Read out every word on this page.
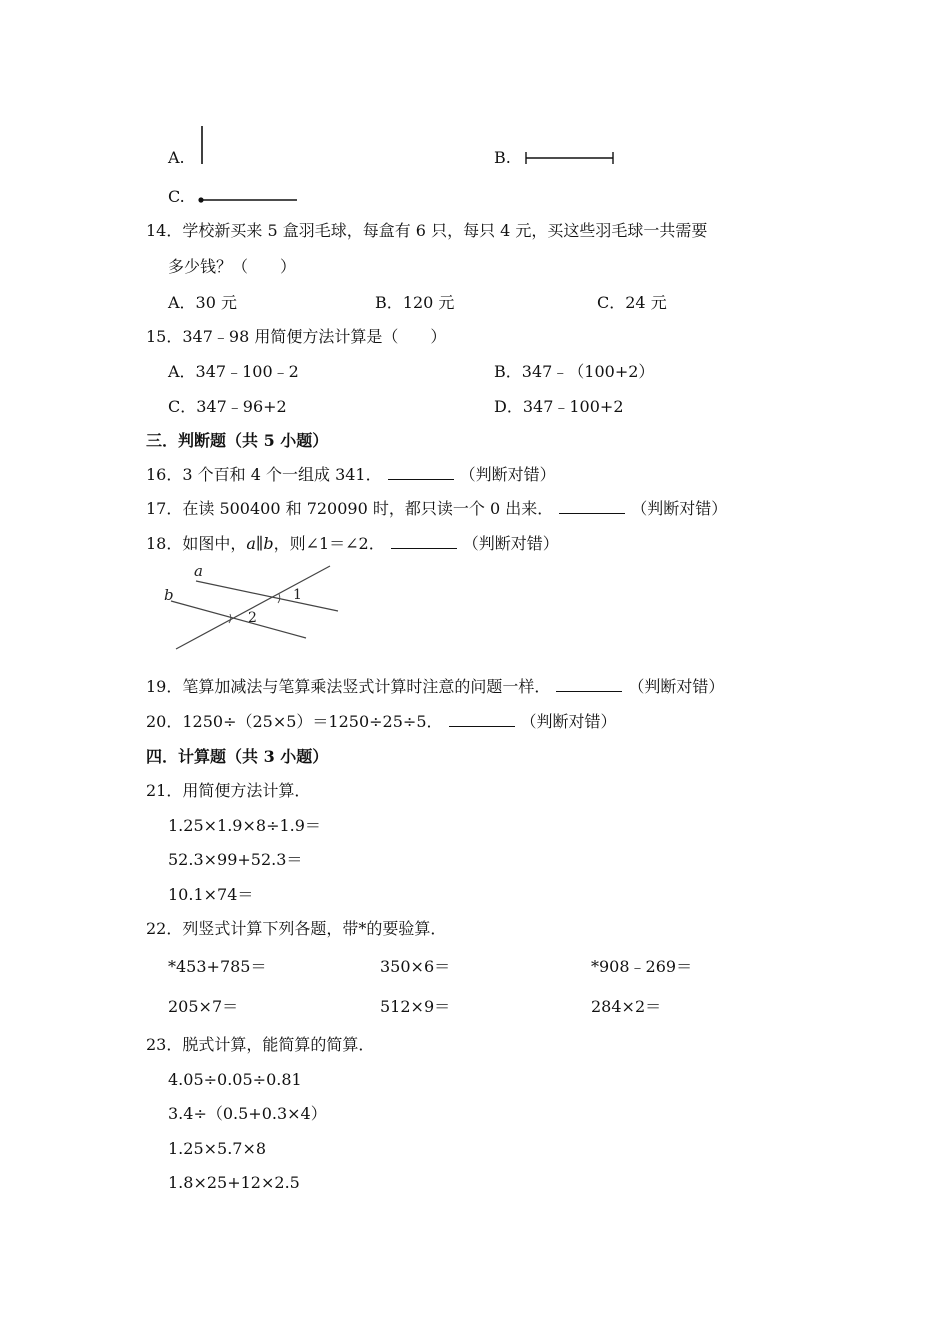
A.	B.
C.
14．学校新买来 5 盒羽毛球，每盒有 6 只，每只 4 元，买这些羽毛球一共需要
多少钱？（　　）
A．30 元	B．120 元	C．24 元
15．347﹣98 用简便方法计算是（　　）
A．347﹣100﹣2	B．347﹣（100+2）
C．347﹣96+2	D．347﹣100+2
三．判断题（共 5 小题）
16．3 个百和 4 个一组成 341．	（判断对错）
17．在读 500400 和 720090 时，都只读一个 0 出来．	（判断对错）
18．如图中，a∥b，则∠1＝∠2．	（判断对错）
a
b	1
2
19．笔算加减法与笔算乘法竖式计算时注意的问题一样．	（判断对错）
20．1250÷（25×5）＝1250÷25÷5．	（判断对错）
四．计算题（共 3 小题）
21．用简便方法计算．
1.25×1.9×8÷1.9＝
52.3×99+52.3＝
10.1×74＝
22．列竖式计算下列各题，带*的要验算．
*453+785＝	350×6＝	*908﹣269＝
205×7＝	512×9＝	284×2＝
23．脱式计算，能简算的简算．
4.05÷0.05÷0.81
3.4÷（0.5+0.3×4）
1.25×5.7×8
1.8×25+12×2.5
